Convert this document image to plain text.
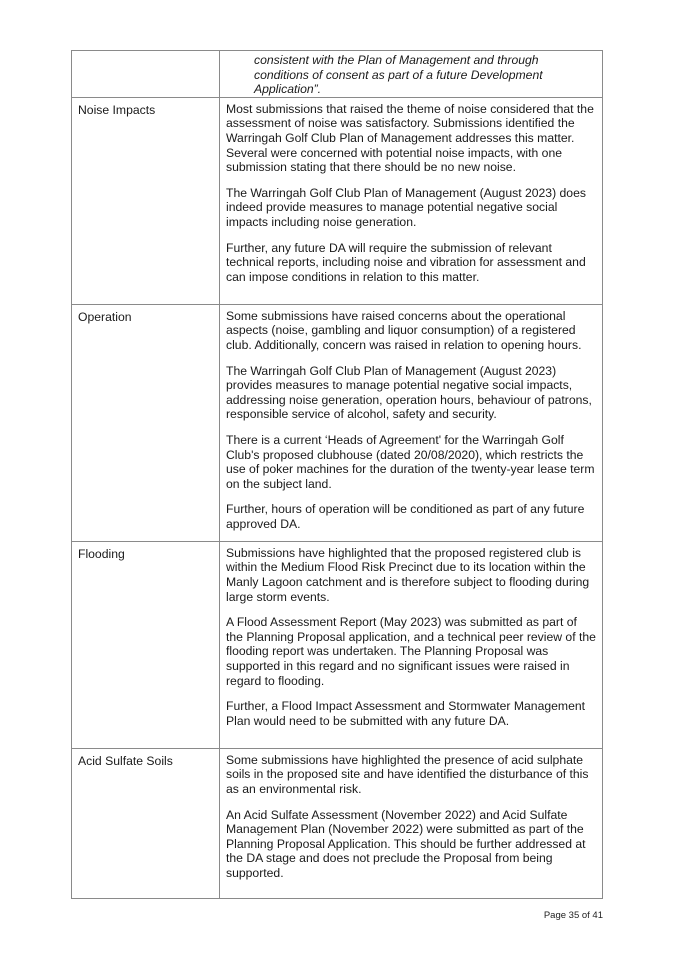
	consistent with the Plan of Management and through conditions of consent as part of a future Development Application”.

Noise Impacts	Most submissions that raised the theme of noise considered that the assessment of noise was satisfactory. Submissions identified the Warringah Golf Club Plan of Management addresses this matter. Several were concerned with potential noise impacts, with one submission stating that there should be no new noise.

The Warringah Golf Club Plan of Management (August 2023) does indeed provide measures to manage potential negative social impacts including noise generation.

Further, any future DA will require the submission of relevant technical reports, including noise and vibration for assessment and can impose conditions in relation to this matter.

Operation	Some submissions have raised concerns about the operational aspects (noise, gambling and liquor consumption) of a registered club. Additionally, concern was raised in relation to opening hours.

The Warringah Golf Club Plan of Management (August 2023) provides measures to manage potential negative social impacts, addressing noise generation, operation hours, behaviour of patrons, responsible service of alcohol, safety and security.

There is a current ‘Heads of Agreement' for the Warringah Golf Club's proposed clubhouse (dated 20/08/2020), which restricts the use of poker machines for the duration of the twenty-year lease term on the subject land.

Further, hours of operation will be conditioned as part of any future approved DA.

Flooding	Submissions have highlighted that the proposed registered club is within the Medium Flood Risk Precinct due to its location within the Manly Lagoon catchment and is therefore subject to flooding during large storm events.

A Flood Assessment Report (May 2023) was submitted as part of the Planning Proposal application, and a technical peer review of the flooding report was undertaken. The Planning Proposal was supported in this regard and no significant issues were raised in regard to flooding.

Further, a Flood Impact Assessment and Stormwater Management Plan would need to be submitted with any future DA.

Acid Sulfate Soils	Some submissions have highlighted the presence of acid sulphate soils in the proposed site and have identified the disturbance of this as an environmental risk.

An Acid Sulfate Assessment (November 2022) and Acid Sulfate Management Plan (November 2022) were submitted as part of the Planning Proposal Application. This should be further addressed at the DA stage and does not preclude the Proposal from being supported.

Page 35 of 41
